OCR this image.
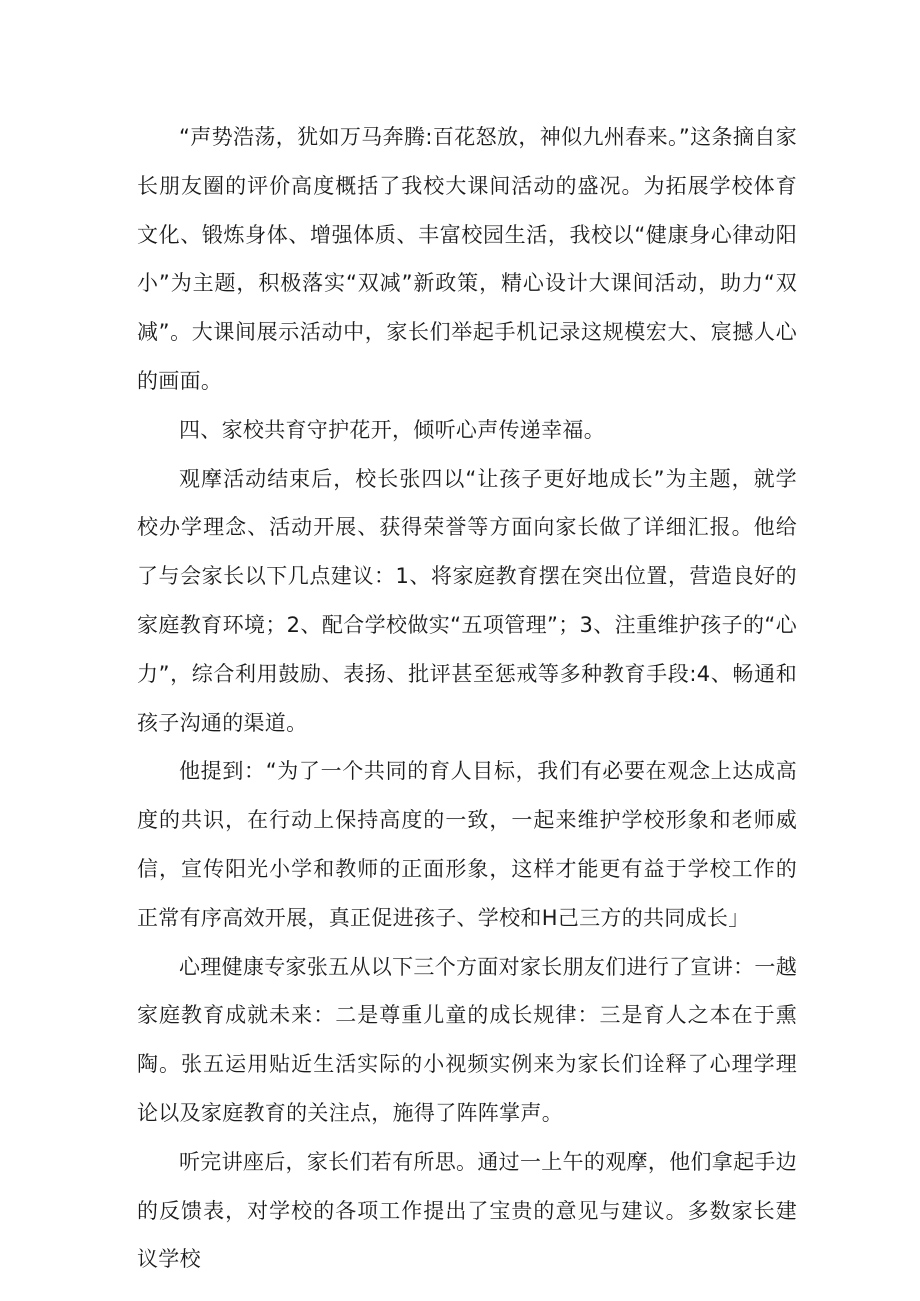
“声势浩荡，犹如万马奔腾:百花怒放，神似九州春来。”这条摘自家长朋友圈的评价高度概括了我校大课间活动的盛况。为拓展学校体育文化、锻炼身体、增强体质、丰富校园生活，我校以“健康身心律动阳小”为主题，积极落实“双减”新政策，精心设计大课间活动，助力“双减”。大课间展示活动中，家长们举起手机记录这规模宏大、宸撼人心的画面。

四、家校共育守护花开，倾听心声传递幸福。

观摩活动结束后，校长张四以“让孩子更好地成长”为主题，就学校办学理念、活动开展、获得荣誉等方面向家长做了详细汇报。他给了与会家长以下几点建议：1、将家庭教育摆在突出位置，营造良好的家庭教育环境；2、配合学校做实“五项管理”；3、注重维护孩子的“心力”，综合利用鼓励、表扬、批评甚至惩戒等多种教育手段:4、畅通和孩子沟通的渠道。

他提到：“为了一个共同的育人目标，我们有必要在观念上达成高度的共识，在行动上保持高度的一致，一起来维护学校形象和老师威信，宣传阳光小学和教师的正面形象，这样才能更有益于学校工作的正常有序高效开展，真正促进孩子、学校和H己三方的共同成长」

心理健康专家张五从以下三个方面对家长朋友们进行了宣讲：一越家庭教育成就未来：二是尊重儿童的成长规律：三是育人之本在于熏陶。张五运用贴近生活实际的小视频实例来为家长们诠释了心理学理论以及家庭教育的关注点，施得了阵阵掌声。

听完讲座后，家长们若有所思。通过一上午的观摩，他们拿起手边的反馈表，对学校的各项工作提出了宝贵的意见与建议。多数家长建议学校
